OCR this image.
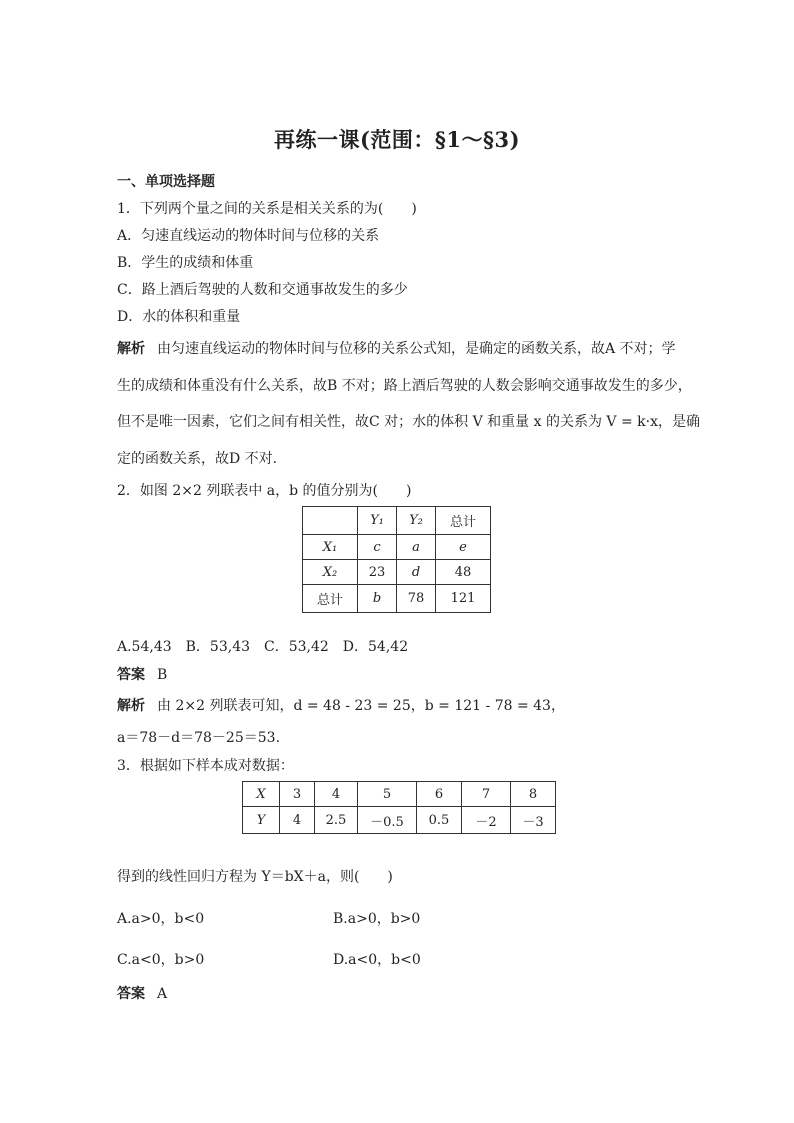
再练一课(范围：§1～§3)
一、单项选择题
1．下列两个量之间的关系是相关关系的为(　　)
A．匀速直线运动的物体时间与位移的关系
B．学生的成绩和体重
C．路上酒后驾驶的人数和交通事故发生的多少
D．水的体积和重量
解析 由匀速直线运动的物体时间与位移的关系公式知，是确定的函数关系，故A 不对；学
生的成绩和体重没有什么关系，故B 不对；路上酒后驾驶的人数会影响交通事故发生的多少，
但不是唯一因素，它们之间有相关性，故C 对；水的体积 V 和重量 x 的关系为 V = k·x，是确
定的函数关系，故D 不对．
2．如图 2×2 列联表中 a，b 的值分别为(　　)
	Y₁	Y₂	总计
X₁	c	a	e
X₂	23	d	48
总计	b	78	121
A.54,43　B．53,43　C．53,42　D．54,42
答案 B
解析 由 2×2 列联表可知，d = 48 - 23 = 25，b = 121 - 78 = 43，
a＝78－d＝78－25＝53.
3．根据如下样本成对数据：
X	3	4	5	6	7	8
Y	4	2.5	－0.5	0.5	－2	－3
得到的线性回归方程为 Y＝bX＋a，则(　　)
A.a>0，b<0	B.a>0，b>0
C.a<0，b>0	D.a<0，b<0
答案 A
